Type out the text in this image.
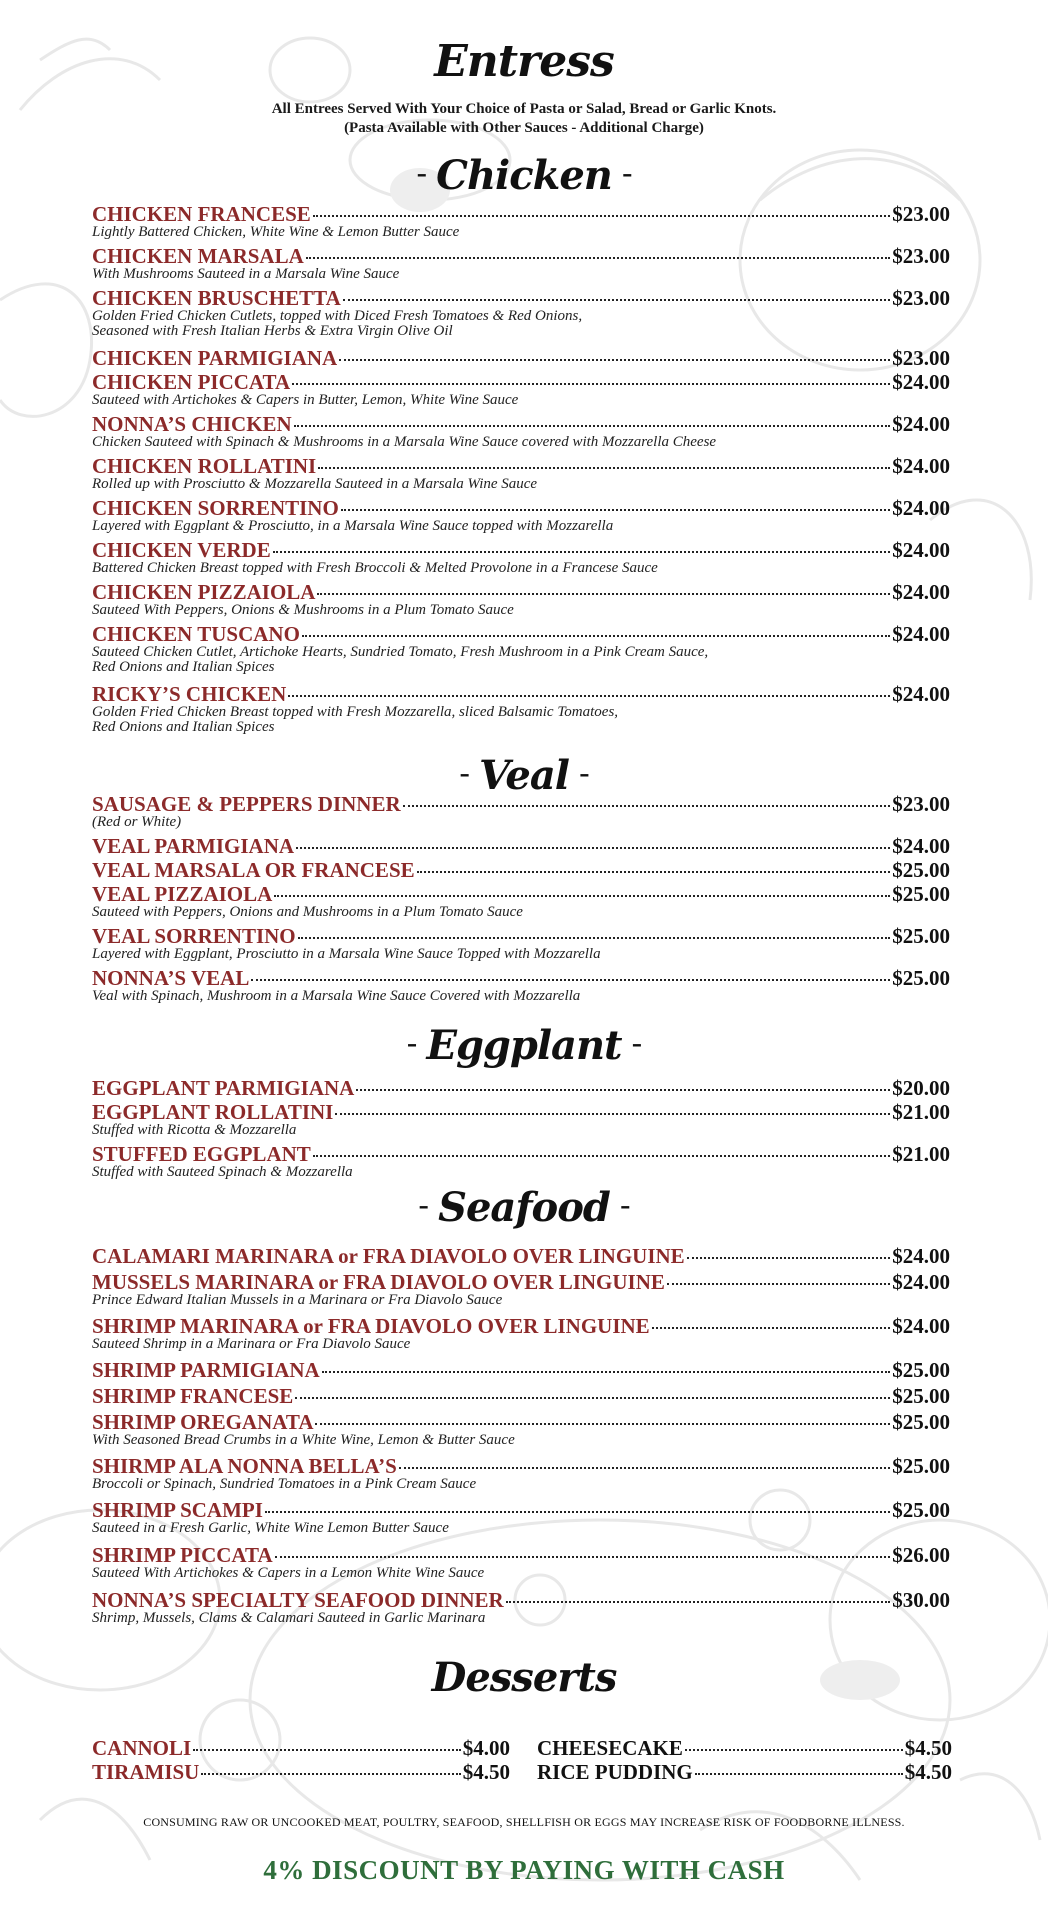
Entress
All Entrees Served With Your Choice of Pasta or Salad, Bread or Garlic Knots.
(Pasta Available with Other Sauces - Additional Charge)
- Chicken -
CHICKEN FRANCESE	$23.00
Lightly Battered Chicken, White Wine & Lemon Butter Sauce
CHICKEN MARSALA	$23.00
With Mushrooms Sauteed in a Marsala Wine Sauce
CHICKEN BRUSCHETTA	$23.00
Golden Fried Chicken Cutlets, topped with Diced Fresh Tomatoes & Red Onions,
Seasoned with Fresh Italian Herbs & Extra Virgin Olive Oil
CHICKEN PARMIGIANA	$23.00
CHICKEN PICCATA	$24.00
Sauteed with Artichokes & Capers in Butter, Lemon, White Wine Sauce
NONNA’S CHICKEN	$24.00
Chicken Sauteed with Spinach & Mushrooms in a Marsala Wine Sauce covered with Mozzarella Cheese
CHICKEN ROLLATINI	$24.00
Rolled up with Prosciutto & Mozzarella Sauteed in a Marsala Wine Sauce
CHICKEN SORRENTINO	$24.00
Layered with Eggplant & Prosciutto, in a Marsala Wine Sauce topped with Mozzarella
CHICKEN VERDE	$24.00
Battered Chicken Breast topped with Fresh Broccoli & Melted Provolone in a Francese Sauce
CHICKEN PIZZAIOLA	$24.00
Sauteed With Peppers, Onions & Mushrooms in a Plum Tomato Sauce
CHICKEN TUSCANO	$24.00
Sauteed Chicken Cutlet, Artichoke Hearts, Sundried Tomato, Fresh Mushroom in a Pink Cream Sauce,
Red Onions and Italian Spices
RICKY’S CHICKEN	$24.00
Golden Fried Chicken Breast topped with Fresh Mozzarella, sliced Balsamic Tomatoes,
Red Onions and Italian Spices
- Veal -
SAUSAGE & PEPPERS DINNER	$23.00
(Red or White)
VEAL PARMIGIANA	$24.00
VEAL MARSALA OR FRANCESE	$25.00
VEAL PIZZAIOLA	$25.00
Sauteed with Peppers, Onions and Mushrooms in a Plum Tomato Sauce
VEAL SORRENTINO	$25.00
Layered with Eggplant, Prosciutto in a Marsala Wine Sauce Topped with Mozzarella
NONNA’S VEAL	$25.00
Veal with Spinach, Mushroom in a Marsala Wine Sauce Covered with Mozzarella
- Eggplant -
EGGPLANT PARMIGIANA	$20.00
EGGPLANT ROLLATINI	$21.00
Stuffed with Ricotta & Mozzarella
STUFFED EGGPLANT	$21.00
Stuffed with Sauteed Spinach & Mozzarella
- Seafood -
CALAMARI MARINARA or FRA DIAVOLO OVER LINGUINE	$24.00
MUSSELS MARINARA or FRA DIAVOLO OVER LINGUINE	$24.00
Prince Edward Italian Mussels in a Marinara or Fra Diavolo Sauce
SHRIMP MARINARA or FRA DIAVOLO OVER LINGUINE	$24.00
Sauteed Shrimp in a Marinara or Fra Diavolo Sauce
SHRIMP PARMIGIANA	$25.00
SHRIMP FRANCESE	$25.00
SHRIMP OREGANATA	$25.00
With Seasoned Bread Crumbs in a White Wine, Lemon & Butter Sauce
SHIRMP ALA NONNA BELLA’S	$25.00
Broccoli or Spinach, Sundried Tomatoes in a Pink Cream Sauce
SHRIMP SCAMPI	$25.00
Sauteed in a Fresh Garlic, White Wine Lemon Butter Sauce
SHRIMP PICCATA	$26.00
Sauteed With Artichokes & Capers in a Lemon White Wine Sauce
NONNA’S SPECIALTY SEAFOOD DINNER	$30.00
Shrimp, Mussels, Clams & Calamari Sauteed in Garlic Marinara
Desserts
CANNOLI	$4.00
TIRAMISU	$4.50
CHEESECAKE	$4.50
RICE PUDDING	$4.50
CONSUMING RAW OR UNCOOKED MEAT, POULTRY, SEAFOOD, SHELLFISH OR EGGS MAY INCREASE RISK OF FOODBORNE ILLNESS.
4% DISCOUNT BY PAYING WITH CASH
